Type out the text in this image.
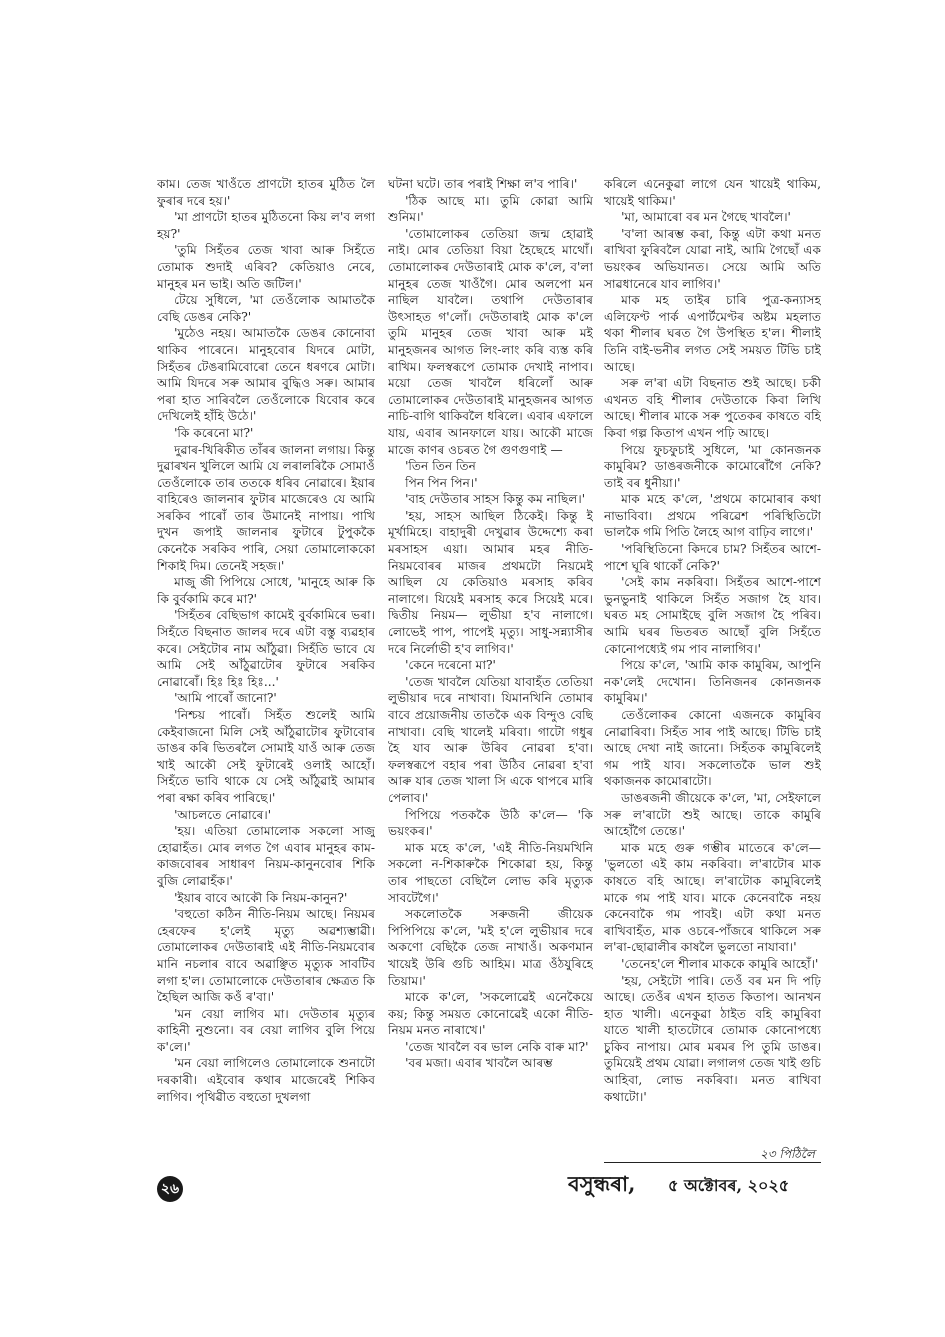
কাম। তেজ খাওঁতে প্ৰাণটো হাতৰ মুঠিত লৈ ফুৰাৰ দৰে হয়।'

'মা প্ৰাণটো হাতৰ মুঠিতনো কিয় ল'ব লগা হয়?'

'তুমি সিহঁতৰ তেজ খাবা আৰু সিহঁতে তোমাক শুদাই এৰিব? কেতিয়াও নেৰে, মানুহৰ মন ভাই। অতি জটিল।'

টেয়ে সুধিলে, 'মা তেওঁলোক আমাতকৈ বেছি ডেঙৰ নেকি?'

'মুঠেও নহয়। আমাতকৈ ডেঙৰ কোনোবা থাকিব পাৰেনে। মানুহবোৰ যিদৰে মোটা, সিহঁতৰ টেঙৰামিবোৰো তেনে ধৰণৰে মোটা। আমি যিদৰে সৰু আমাৰ বুদ্ধিও সৰু। আমাৰ পৰা হাত সাৰিবলৈ তেওঁলোকে যিবোৰ কৰে দেখিলেই হাঁহি উঠে।'

'কি কৰেনো মা?'

দুৱাৰ-খিৰিকীত তাঁৰৰ জালনা লগায়। কিন্তু দুৱাৰখন খুলিলে আমি যে লৰালৰিকৈ সোমাওঁ তেওঁলোকে তাৰ ততকে ধৰিব নোৱাৰে। ইয়াৰ বাহিৰেও জালনাৰ ফুটাৰ মাজেৰেও যে আমি সৰকিব পাৰোঁ তাৰ উমানেই নাপায়। পাখি দুখন জপাই জালনাৰ ফুটাৰে টুপুককৈ কেনেকৈ সৰকিব পাৰি, সেয়া তোমালোককো শিকাই দিম। তেনেই সহজ।'

মাজু জী পিপিয়ে সোধে, 'মানুহে আৰু কি কি বুৰ্বকামি কৰে মা?'

'সিহঁতৰ বেছিভাগ কামেই বুৰ্বকামিৰে ভৰা। সিহঁতে বিছনাত জালৰ দৰে এটা বস্তু ব্যৱহাৰ কৰে। সেইটোৰ নাম আঁঠুৱা। সিহঁতি ভাবে যে আমি সেই আঁঠুৱাটোৰ ফুটাৰে সৰকিব নোৱাৰোঁ। হিঃ হিঃ হিঃ...'

'আমি পাৰোঁ জানো?'

'নিশ্চয় পাৰোঁ। সিহঁত শুলেই আমি কেইবাজনো মিলি সেই আঁঠুৱাটোৰ ফুটাবোৰ ডাঙৰ কৰি ভিতৰলৈ সোমাই যাওঁ আৰু তেজ খাই আকৌ সেই ফুটাৰেই ওলাই আহোঁ। সিহঁতে ভাবি থাকে যে সেই আঁঠুৱাই আমাৰ পৰা ৰক্ষা কৰিব পাৰিছে।'

'আচলতে নোৱাৰে।'

'হয়। এতিয়া তোমালোক সকলো সাজু হোৱাহঁত। মোৰ লগত গৈ এবাৰ মানুহৰ কাম-কাজবোৰৰ সাধাৰণ নিয়ম-কানুনবোৰ শিকি বুজি লোৱাহঁক।'

'ইয়াৰ বাবে আকৌ কি নিয়ম-কানুন?'

'বহুতো কঠিন নীতি-নিয়ম আছে। নিয়মৰ হেৰফেৰ হ'লেই মৃত্যু অৱশ্যম্ভাৱী। তোমালোকৰ দেউতাৰাই এই নীতি-নিয়মবোৰ মানি নচলাৰ বাবে অৱাঞ্ছিত মৃত্যুক সাবটিব লগা হ'ল। তোমালোকে দেউতাৰাৰ ক্ষেত্ৰত কি হৈছিল আজি কওঁ ৰ'বা।'

'মন বেয়া লাগিব মা। দেউতাৰ মৃত্যুৰ কাহিনী নুশুনো। বৰ বেয়া লাগিব বুলি পিয়ে ক'লে।'

'মন বেয়া লাগিলেও তোমালোকে শুনাটো দৰকাৰী। এইবোৰ কথাৰ মাজেৰেই শিকিব লাগিব। পৃথিৱীত বহুতো দুখলগা

ঘটনা ঘটে। তাৰ পৰাই শিক্ষা ল'ব পাৰি।'

'ঠিক আছে মা। তুমি কোৱা আমি শুনিম।'

'তোমালোকৰ তেতিয়া জন্ম হোৱাই নাই। মোৰ তেতিয়া বিয়া হৈছেহে মাথোঁ। তোমালোকৰ দেউতাৰাই মোক ক'লে, ব'লা মানুহৰ তেজ খাওঁগৈ। মোৰ অলপো মন নাছিল যাবলৈ। তথাপি দেউতাৰাৰ উৎসাহত গ'লোঁ। দেউতাৰাই মোক ক'লে তুমি মানুহৰ তেজ খাবা আৰু মই মানুহজনৰ আগত লিং-লাং কৰি ব্যস্ত কৰি ৰাখিম। ফলস্বৰূপে তোমাক দেখাই নাপাব। ময়ো তেজ খাবলৈ ধৰিলোঁ আৰু তোমালোকৰ দেউতাৰাই মানুহজনৰ আগত নাচি-বাগি থাকিবলৈ ধৰিলে। এবাৰ এফালে যায়, এবাৰ আনফালে যায়। আকৌ মাজে মাজে কাণৰ ওচৰত গৈ গুণগুণাই —

'তিন তিন তিন

পিন পিন পিন।'

'বাহ দেউতাৰ সাহস কিন্তু কম নাছিল।'

'হয়, সাহস আছিল ঠিকেই। কিন্তু ই মূৰ্খামিহে। বাহাদুৰী দেখুৱাৰ উদ্দেশ্যে কৰা মৰসাহস এয়া। আমাৰ মহৰ নীতি-নিয়মবোৰৰ মাজৰ প্ৰথমটো নিয়মেই আছিল যে কেতিয়াও মৰসাহ কৰিব নালাগে। যিয়েই মৰসাহ কৰে সিয়েই মৰে। দ্বিতীয় নিয়ম— লুভীয়া হ'ব নালাগে। লোভেই পাপ, পাপেই মৃত্যু। সাধু-সন্ন্যাসীৰ দৰে নিৰ্লোভী হ'ব লাগিব।'

'কেনে দৰেনো মা?'

'তেজ খাবলৈ যেতিয়া যাবাহঁত তেতিয়া লুভীয়াৰ দৰে নাখাবা। যিমানখিনি তোমাৰ বাবে প্ৰয়োজনীয় তাতকৈ এক বিন্দুও বেছি নাখাবা। বেছি খালেই মৰিবা। গাটো গধুৰ হৈ যাব আৰু উৰিব নোৱৰা হ'বা। ফলস্বৰূপে বহাৰ পৰা উঠিব নোৱৰা হ'বা আৰু যাৰ তেজ খালা সি একে থাপৰে মাৰি পেলাব।'

পিপিয়ে পতককৈ উঠি ক'লে— 'কি ভয়ংকৰ।'

মাক মহে ক'লে, 'এই নীতি-নিয়মখিনি সকলো ন-শিকাৰুকৈ শিকোৱা হয়, কিন্তু তাৰ পাছতো বেছিলৈ লোভ কৰি মৃত্যুক সাবটেগৈ।'

সকলোতকৈ সৰুজনী জীয়েক পিপিপিয়ে ক'লে, 'মই হ'লে লুভীয়াৰ দৰে অকণো বেছিকৈ তেজ নাখাওঁ। অকণমান খায়েই উৰি গুচি আহিম। মাত্ৰ ওঁঠযুৰিহে তিয়াম।'

মাকে ক'লে, 'সকলোৱেই এনেকৈয়ে কয়; কিন্তু সময়ত কোনোৱেই একো নীতি-নিয়ম মনত নাৰাখে।'

'তেজ খাবলৈ বৰ ভাল নেকি বাৰু মা?'

'বৰ মজা। এবাৰ খাবলৈ আৰম্ভ

কৰিলে এনেকুৱা লাগে যেন খায়েই থাকিম, খায়েই থাকিম।'

'মা, আমাৰো বৰ মন গৈছে খাবলৈ।'

'ব'লা আৰম্ভ কৰা, কিন্তু এটা কথা মনত ৰাখিবা ফুৰিবলৈ যোৱা নাই, আমি গৈছোঁ এক ভয়ংকৰ অভিযানত। সেয়ে আমি অতি সাৱধানেৰে যাব লাগিব।'

মাক মহ তাইৰ চাৰি পুত্ৰ-কন্যাসহ এলিফেণ্ট পাৰ্ক এপাৰ্টমেণ্টৰ অষ্টম মহলাত থকা শীলাৰ ঘৰত গৈ উপস্থিত হ'ল। শীলাই তিনি বাই-ভনীৰ লগত সেই সময়ত টিভি চাই আছে।

সৰু ল'ৰা এটা বিছনাত শুই আছে। চকী এখনত বহি শীলাৰ দেউতাকে কিবা লিখি আছে। শীলাৰ মাকে সৰু পুতেকৰ কাষতে বহি কিবা গল্প কিতাপ এখন পঢ়ি আছে।

পিয়ে ফুচফুচাই সুধিলে, 'মা কোনজনক কামুৰিম? ডাঙৰজনীকে কামোৰোঁগৈ নেকি? তাই বৰ ধুনীয়া।'

মাক মহে ক'লে, 'প্ৰথমে কামোৰাৰ কথা নাভাবিবা। প্ৰথমে পৰিৱেশ পৰিস্থিতিটো ভালকৈ গমি পিতি লৈহে আগ বাঢ়িব লাগে।'

'পৰিস্থিতিনো কিদৰে চাম? সিহঁতৰ আশে-পাশে ঘূৰি থাকোঁ নেকি?'

'সেই কাম নকৰিবা। সিহঁতৰ আশে-পাশে ভুনভুনাই থাকিলে সিহঁত সজাগ হৈ যাব। ঘৰত মহ সোমাইছে বুলি সজাগ হৈ পৰিব। আমি ঘৰৰ ভিতৰত আছোঁ বুলি সিহঁতে কোনোপধ্যেই গম পাব নালাগিব।'

পিয়ে ক'লে, 'আমি কাক কামুৰিম, আপুনি নক'লেই দেখোন। তিনিজনৰ কোনজনক কামুৰিম।'

তেওঁলোকৰ কোনো এজনকে কামুৰিব নোৱাৰিবা। সিহঁত সাৰ পাই আছে। টিভি চাই আছে দেখা নাই জানো। সিহঁতক কামুৰিলেই গম পাই যাব। সকলোতকৈ ভাল শুই থকাজনক কামোৰাটো।

ডাঙৰজনী জীয়েকে ক'লে, 'মা, সেইফালে সৰু ল'ৰাটো শুই আছে। তাকে কামুৰি আহোঁগৈ তেন্তে।'

মাক মহে গুৰু গম্ভীৰ মাতেৰে ক'লে— 'ভুলতো এই কাম নকৰিবা। ল'ৰাটোৰ মাক কাষতে বহি আছে। ল'ৰাটোক কামুৰিলেই মাকে গম পাই যাব। মাকে কেনেবাকৈ নহয় কেনেবাকৈ গম পাবই। এটা কথা মনত ৰাখিবাহঁত, মাক ওচৰে-পাঁজৰে থাকিলে সৰু ল'ৰা-ছোৱালীৰ কাষলৈ ভুলতো নাযাবা।'

'তেনেহ'লে শীলাৰ মাককে কামুৰি আহোঁ।'

'হয়, সেইটো পাৰি। তেওঁ বৰ মন দি পঢ়ি আছে। তেওঁৰ এখন হাতত কিতাপ। আনখন হাত খালী। এনেকুৱা ঠাইত বহি কামুৰিবা যাতে খালী হাতটোৰে তোমাক কোনোপধ্যে চুকিব নাপায়। মোৰ মৰমৰ পি তুমি ডাঙৰ। তুমিয়েই প্ৰথম যোৱা। লগালগ তেজ খাই গুচি আহিবা, লোভ নকৰিবা। মনত ৰাখিবা কথাটো।'

২৩ পিঠিলৈ
২৬	বসুন্ধৰা, ৫ অক্টোবৰ, ২০২৫
